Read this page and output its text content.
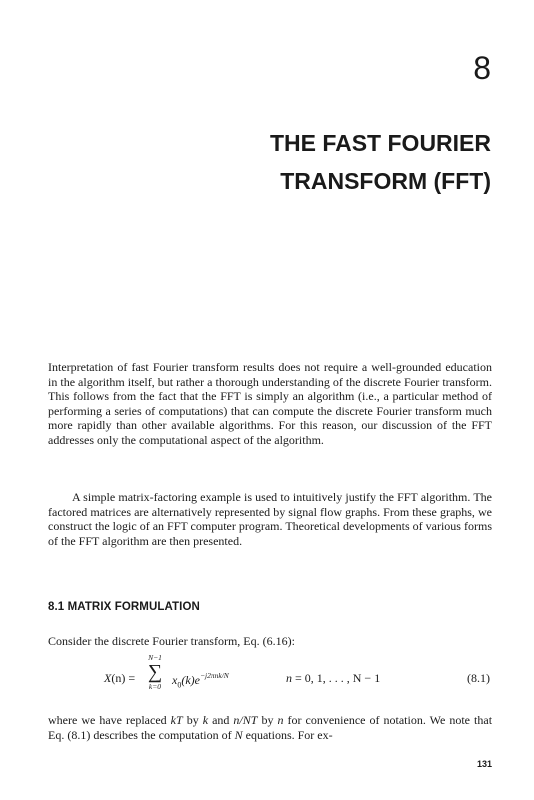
8
THE FAST FOURIER
TRANSFORM (FFT)

Interpretation of fast Fourier transform results does not require a well-grounded education in the algorithm itself, but rather a thorough understanding of the discrete Fourier transform. This follows from the fact that the FFT is simply an algorithm (i.e., a particular method of performing a series of computations) that can compute the discrete Fourier transform much more rapidly than other available algorithms. For this reason, our discussion of the FFT addresses only the computational aspect of the algorithm.

A simple matrix-factoring example is used to intuitively justify the FFT algorithm. The factored matrices are alternatively represented by signal flow graphs. From these graphs, we construct the logic of an FFT computer program. Theoretical developments of various forms of the FFT algorithm are then presented.

8.1 MATRIX FORMULATION

Consider the discrete Fourier transform, Eq. (6.16):

X(n) =
N−1
∑
k=0 $x_0(k)e^{-j2\pi nk/N}$	n = 0, 1, . . . , N − 1	(8.1)

where we have replaced kT by k and n/NT by n for convenience of notation. We note that Eq. (8.1) describes the computation of N equations. For ex-

131
